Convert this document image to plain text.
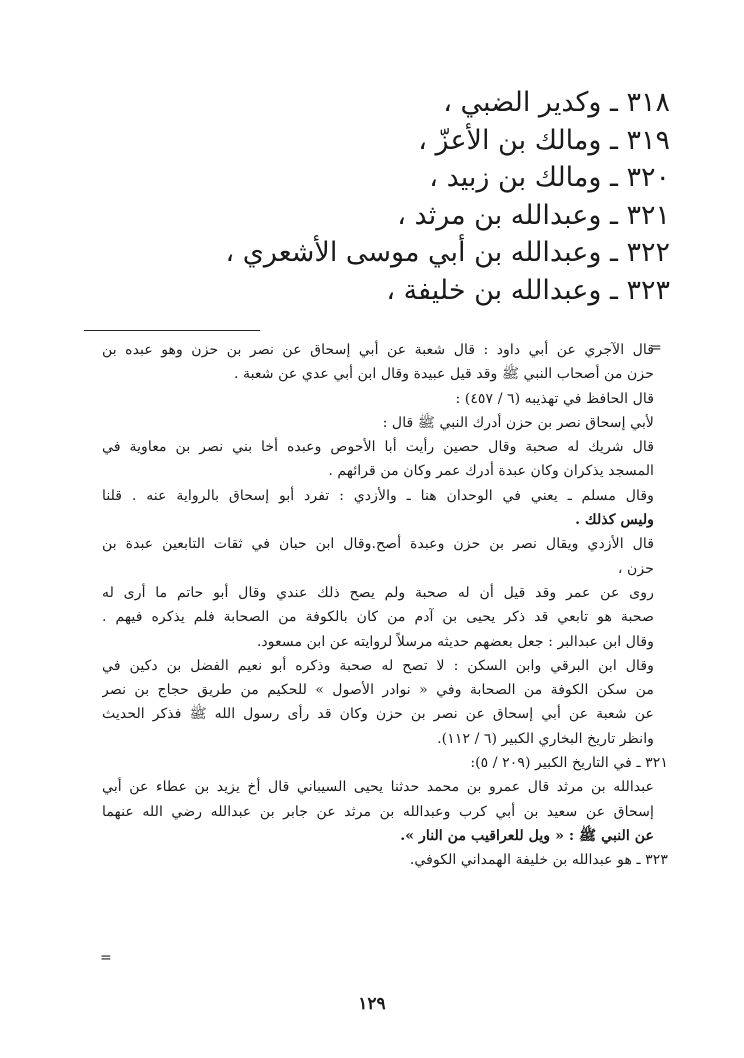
٣١٨ ـ وكدير الضبي ،
٣١٩ ـ ومالك بن الأعزّ ،
٣٢٠ ـ ومالك بن زبيد ،
٣٢١ ـ وعبدالله بن مرثد ،
٣٢٢ ـ وعبدالله بن أبي موسى الأشعري ،
٣٢٣ ـ وعبدالله بن خليفة ،
=
قال الآجري عن أبي داود : قال شعبة عن أبي إسحاق عن نصر بن حزن وهو عبده بن
حزن من أصحاب النبي ﷺ وقد قيل عبيدة وقال ابن أبي عدي عن شعبة .
قال الحافظ في تهذيبه (٦ / ٤٥٧) :
لأبي إسحاق نصر بن حزن أدرك النبي ﷺ قال :
قال شريك له صحبة وقال حصين رأيت أبا الأحوص وعبده أخا بني نصر بن معاوية في
المسجد يذكران وكان عبدة أدرك عمر وكان من قرائهم .
وقال مسلم ـ يعني في الوحدان هنا ـ والأزدي : تفرد أبو إسحاق بالرواية عنه . قلنا
وليس كذلك .
قال الأزدي ويقال نصر بن حزن وعبدة أصح.وقال ابن حبان في ثقات التابعين عبدة بن
حزن ،
روى عن عمر وقد قيل أن له صحبة ولم يصح ذلك عندي وقال أبو حاتم ما أرى له
صحبة هو تابعي قد ذكر يحيى بن آدم من كان بالكوفة من الصحابة فلم يذكره فيهم .
وقال ابن عبدالبر : جعل بعضهم حديثه مرسلاً لروايته عن ابن مسعود.
وقال ابن البرقي وابن السكن : لا تصح له صحبة وذكره أبو نعيم الفضل بن دكين في
من سكن الكوفة من الصحابة وفي « نوادر الأصول » للحكيم من طريق حجاج بن نصر
عن شعبة عن أبي إسحاق عن نصر بن حزن وكان قد رأى رسول الله ﷺ فذكر الحديث
وانظر تاريخ البخاري الكبير (٦ / ١١٢).
٣٢١ ـ في التاريخ الكبير (٢٠٩ / ٥):
عبدالله بن مرثد قال عمرو بن محمد حدثنا يحيى السيباني قال أخ يزيد بن عطاء عن أبي
إسحاق عن سعيد بن أبي كرب وعبدالله بن مرثد عن جابر بن عبدالله رضي الله عنهما
عن النبي ﷺ : « ويل للعراقيب من النار ».
٣٢٣ ـ هو عبدالله بن خليفة الهمداني الكوفي.
=
١٢٩
